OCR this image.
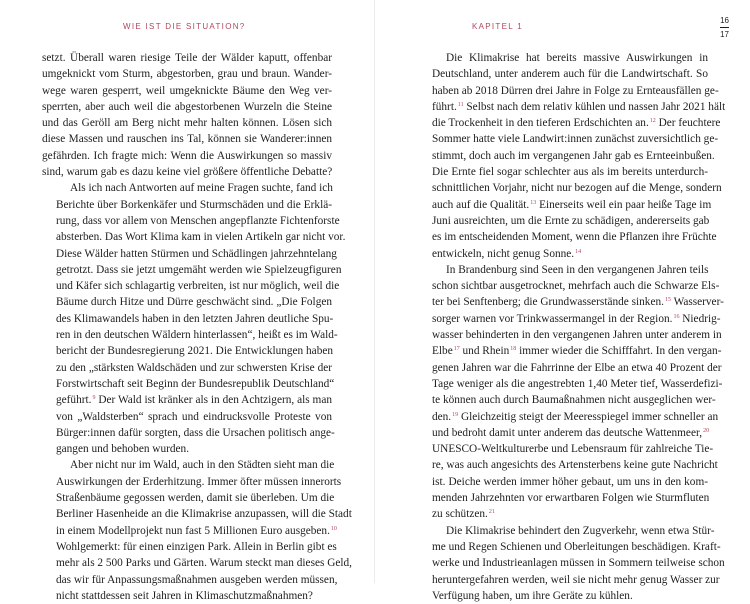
WIE IST DIE SITUATION?	KAPITEL 1
16
17

setzt. Überall waren riesige Teile der Wälder kaputt, offenbar
umgeknickt vom Sturm, abgestorben, grau und braun. Wander-
wege waren gesperrt, weil umgeknickte Bäume den Weg ver-
sperrten, aber auch weil die abgestorbenen Wurzeln die Steine
und das Geröll am Berg nicht mehr halten können. Lösen sich
diese Massen und rauschen ins Tal, können sie Wanderer:innen
gefährden. Ich fragte mich: Wenn die Auswirkungen so massiv
sind, warum gab es dazu keine viel größere öffentliche Debatte?

Als ich nach Antworten auf meine Fragen suchte, fand ich
Berichte über Borkenkäfer und Sturmschäden und die Erklä-
rung, dass vor allem von Menschen angepflanzte Fichtenforste
absterben. Das Wort Klima kam in vielen Artikeln gar nicht vor.
Diese Wälder hatten Stürmen und Schädlingen jahrzehntelang
getrotzt. Dass sie jetzt umgemäht werden wie Spielzeugfiguren
und Käfer sich schlagartig verbreiten, ist nur möglich, weil die
Bäume durch Hitze und Dürre geschwächt sind. „Die Folgen
des Klimawandels haben in den letzten Jahren deutliche Spu-
ren in den deutschen Wäldern hinterlassen“, heißt es im Wald-
bericht der Bundesregierung 2021. Die Entwicklungen haben
zu den „stärksten Waldschäden und zur schwersten Krise der
Forstwirtschaft seit Beginn der Bundesrepublik Deutschland“
geführt.$^9$ Der Wald ist kränker als in den Achtzigern, als man
von „Waldsterben“ sprach und eindrucksvolle Proteste von
Bürger:innen dafür sorgten, dass die Ursachen politisch ange-
gangen und behoben wurden.

Aber nicht nur im Wald, auch in den Städten sieht man die
Auswirkungen der Erderhitzung. Immer öfter müssen innerorts
Straßenbäume gegossen werden, damit sie überleben. Um die
Berliner Hasenheide an die Klimakrise anzupassen, will die Stadt
in einem Modellprojekt nun fast 5 Millionen Euro ausgeben.$^{10}$
Wohlgemerkt: für einen einzigen Park. Allein in Berlin gibt es
mehr als 2 500 Parks und Gärten. Warum steckt man dieses Geld,
das wir für Anpassungsmaßnahmen ausgeben werden müssen,
nicht stattdessen seit Jahren in Klimaschutzmaßnahmen?

Die Klimakrise hat bereits massive Auswirkungen in
Deutschland, unter anderem auch für die Landwirtschaft. So
haben ab 2018 Dürren drei Jahre in Folge zu Ernteausfällen ge-
führt.$^{11}$ Selbst nach dem relativ kühlen und nassen Jahr 2021 hält
die Trockenheit in den tieferen Erdschichten an.$^{12}$ Der feuchtere
Sommer hatte viele Landwirt:innen zunächst zuversichtlich ge-
stimmt, doch auch im vergangenen Jahr gab es Ernteeinbußen.
Die Ernte fiel sogar schlechter aus als im bereits unterdurch-
schnittlichen Vorjahr, nicht nur bezogen auf die Menge, sondern
auch auf die Qualität.$^{13}$ Einerseits weil ein paar heiße Tage im
Juni ausreichten, um die Ernte zu schädigen, andererseits gab
es im entscheidenden Moment, wenn die Pflanzen ihre Früchte
entwickeln, nicht genug Sonne.$^{14}$

In Brandenburg sind Seen in den vergangenen Jahren teils
schon sichtbar ausgetrocknet, mehrfach auch die Schwarze Els-
ter bei Senftenberg; die Grundwasserstände sinken.$^{15}$ Wasserver-
sorger warnen vor Trinkwassermangel in der Region.$^{16}$ Niedrig-
wasser behinderten in den vergangenen Jahren unter anderem in
Elbe$^{17}$ und Rhein$^{18}$ immer wieder die Schifffahrt. In den vergan-
genen Jahren war die Fahrrinne der Elbe an etwa 40 Prozent der
Tage weniger als die angestrebten 1,40 Meter tief, Wasserdefizi-
te können auch durch Baumaßnahmen nicht ausgeglichen wer-
den.$^{19}$ Gleichzeitig steigt der Meeresspiegel immer schneller an
und bedroht damit unter anderem das deutsche Wattenmeer,$^{20}$
UNESCO-Weltkulturerbe und Lebensraum für zahlreiche Tie-
re, was auch angesichts des Artensterbens keine gute Nachricht
ist. Deiche werden immer höher gebaut, um uns in den kom-
menden Jahrzehnten vor erwartbaren Folgen wie Sturmfluten
zu schützen.$^{21}$

Die Klimakrise behindert den Zugverkehr, wenn etwa Stür-
me und Regen Schienen und Oberleitungen beschädigen. Kraft-
werke und Industrieanlagen müssen in Sommern teilweise schon
heruntergefahren werden, weil sie nicht mehr genug Wasser zur
Verfügung haben, um ihre Geräte zu kühlen.
